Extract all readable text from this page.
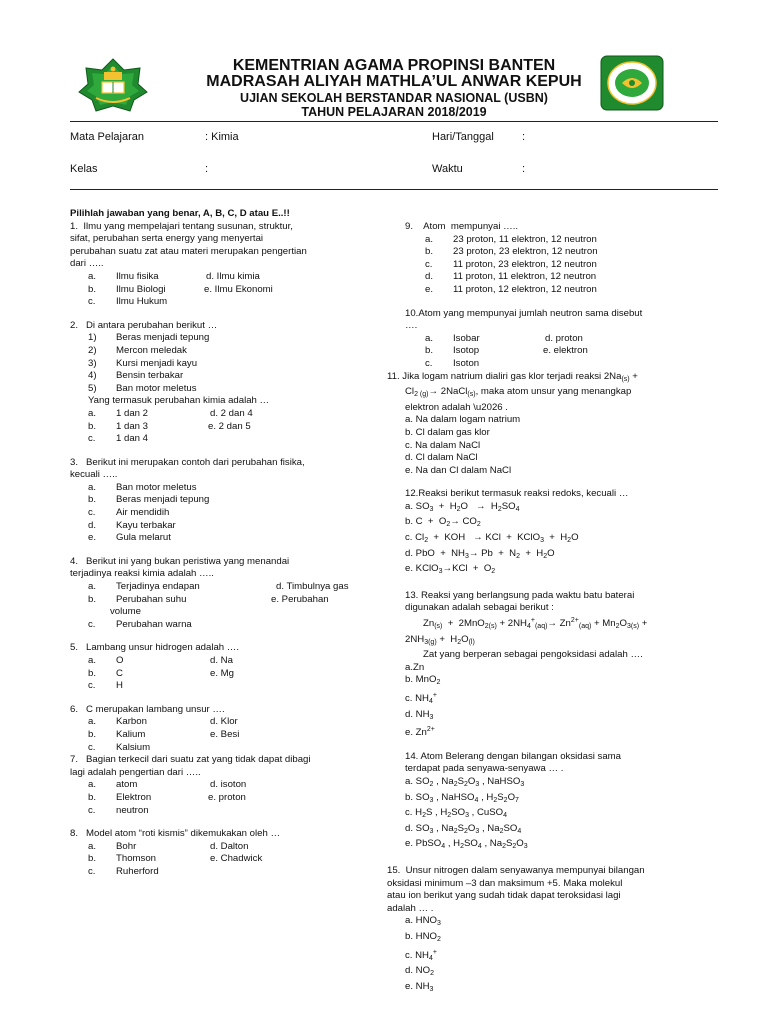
KEMENTRIAN AGAMA PROPINSI BANTEN
MADRASAH ALIYAH MATHLA’UL ANWAR KEPUH
UJIAN SEKOLAH BERSTANDAR NASIONAL (USBN)
TAHUN PELAJARAN 2018/2019
Mata Pelajaran	: Kimia	Hari/Tanggal	:
Kelas	:	Waktu	:
Pilihlah jawaban yang benar, A, B, C, D atau E..!!
1.  Ilmu yang mempelajari tentang susunan, struktur,
sifat, perubahan serta energy yang menyertai
perubahan suatu zat atau materi merupakan pengertian
dari …..
a.	Ilmu fisika	d. Ilmu kimia
b.	Ilmu Biologi	e. Ilmu Ekonomi
c.	Ilmu Hukum
2.   Di antara perubahan berikut …
1)	Beras menjadi tepung
2)	Mercon meledak
3)	Kursi menjadi kayu
4)	Bensin terbakar
5)	Ban motor meletus
Yang termasuk perubahan kimia adalah …
a.	1 dan 2	d. 2 dan 4
b.	1 dan 3	e. 2 dan 5
c.	1 dan 4
3.   Berikut ini merupakan contoh dari perubahan fisika,
kecuali …..
a.	Ban motor meletus
b.	Beras menjadi tepung
c.	Air mendidih
d.	Kayu terbakar
e.	Gula melarut
4.   Berikut ini yang bukan peristiwa yang menandai
terjadinya reaksi kimia adalah …..
a.	Terjadinya endapan	d. Timbulnya gas
b.	Perubahan suhu	e. Perubahan
volume
c.	Perubahan warna
5.   Lambang unsur hidrogen adalah ….
a.	O	d. Na
b.	C	e. Mg
c.	H
6.   C merupakan lambang unsur ….
a.	Karbon	d. Klor
b.	Kalium	e. Besi
c.	Kalsium
7.   Bagian terkecil dari suatu zat yang tidak dapat dibagi
lagi adalah pengertian dari …..
a.	atom	d. isoton
b.	Elektron	e. proton
c.	neutron
8.   Model atom “roti kismis” dikemukakan oleh …
a.	Bohr	d. Dalton
b.	Thomson	e. Chadwick
c.	Ruherford
9.    Atom  mempunyai …..
a.	23 proton, 11 elektron, 12 neutron
b.	23 proton, 23 elektron, 12 neutron
c.	11 proton, 23 elektron, 12 neutron
d.	11 proton, 11 elektron, 12 neutron
e.	11 proton, 12 elektron, 12 neutron
10.Atom yang mempunyai jumlah neutron sama disebut
….
a.	Isobar	d. proton
b.	Isotop	e. elektron
c.	Isoton
11. Jika logam natrium dialiri gas klor terjadi reaksi $2Na_{(s)}$ +
$Cl_{2 (g)}\to$ 2NaCl$_{(s)}$, maka atom unsur yang menangkap
elektron adalah \u2026 .
a. Na dalam logam natrium
b. Cl dalam gas klor
c. Na dalam NaCl
d. Cl dalam NaCl
e. Na dan Cl dalam NaCl
12.Reaksi berikut termasuk reaksi redoks, kecuali …
a. $SO_3 + H_2O \to H_2SO_4$
b. $C + O_2\to CO_2$
c. $Cl_2$  +  KOH   → KCl  +  KClO$_3$  +  $H_2O$
d. PbO  +  $NH_3\to Pb + N_2 + H_2O$
e. KClO$_3$→KCl  +  $O_2$
13. Reaksi yang berlangsung pada waktu batu baterai
digunakan adalah sebagai berikut :
$Zn_{(s)} + 2MnO_{2(s)} + 2NH_4^+_{(aq)}\to Zn^{2+}_{(aq)} + Mn_2O_{3(s)}$ +
$2NH_{3(g)} + H_2O_{(l)}$
Zat yang berperan sebagai pengoksidasi adalah ….
a.Zn
b. MnO$_2$
c. $NH_4^+$
d. $NH_3$
e. $Zn^{2+}$
14. Atom Belerang dengan bilangan oksidasi sama
terdapat pada senyawa-senyawa … .
a. $SO_2$ , $Na_2S_2O_3$ , NaHSO$_3$
b. $SO_3$ , NaHSO$_4$ , $H_2S_2O_7$
c. $H_2S$ , $H_2SO_3$ , CuSO$_4$
d. $SO_3$ , $Na_2S_2O_3$ , $Na_2SO_4$
e. PbSO$_4$ , $H_2SO_4$ , $Na_2S_2O_3$
15.  Unsur nitrogen dalam senyawanya mempunyai bilangan
oksidasi minimum –3 dan maksimum +5. Maka molekul
atau ion berikut yang sudah tidak dapat teroksidasi lagi
adalah … .
a. $HNO_3$
b. $HNO_2$
c. $NH_4^+$
d. $NO_2$
e. $NH_3$
